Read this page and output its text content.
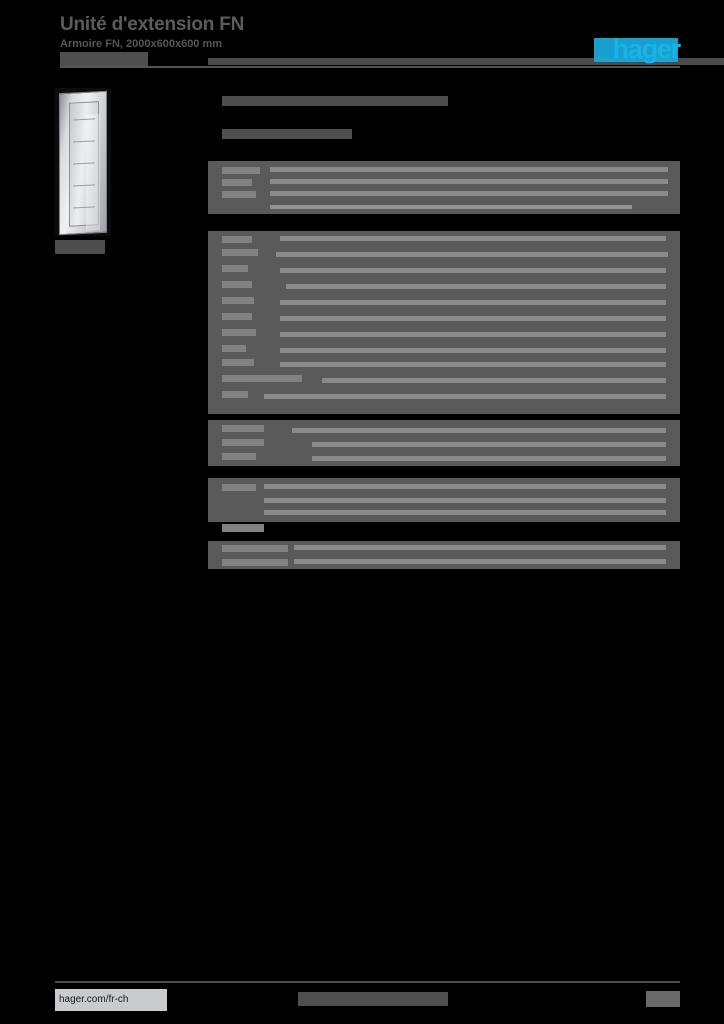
Unité d'extension FN
Armoire FN, 2000x600x600 mm	hager
hager.com/fr-ch
